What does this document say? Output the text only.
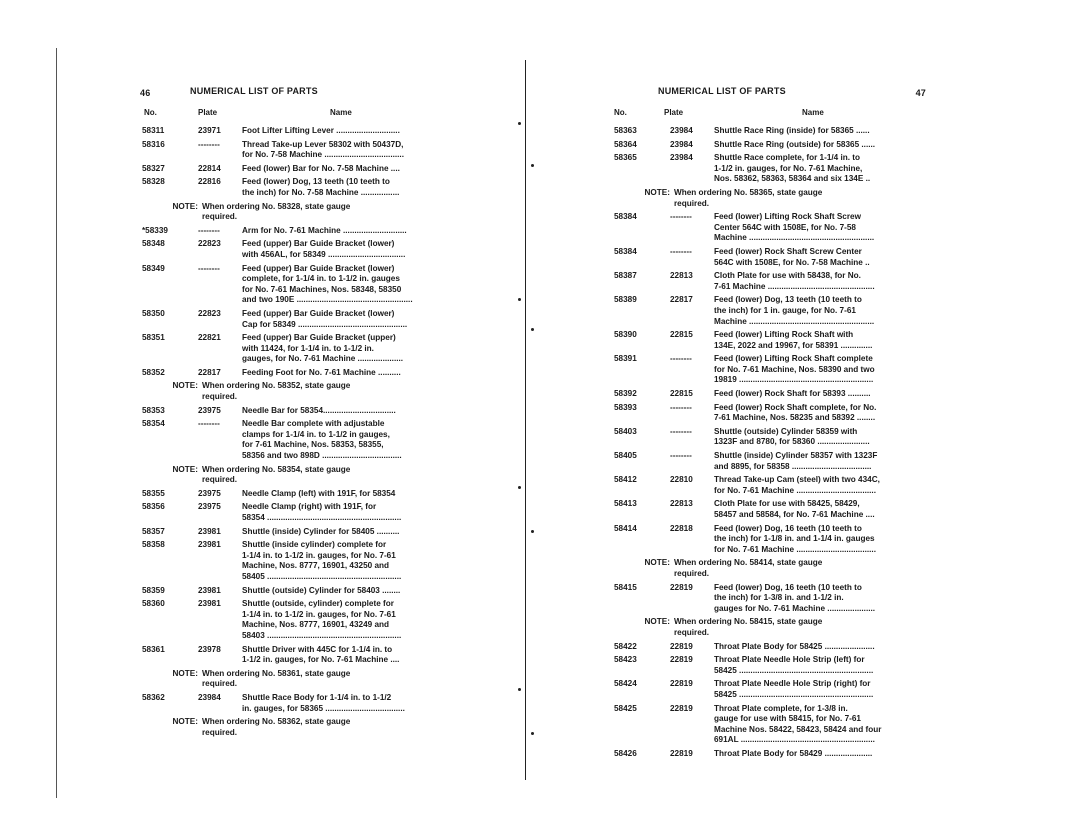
46	NUMERICAL LIST OF PARTS
No.	Plate	Name
58311	23971	Foot Lifter Lifting Lever ............................
58316	--------	Thread Take-up Lever 58302 with 50437D,
for No. 7-58 Machine ...................................
58327	22814	Feed (lower) Bar for No. 7-58 Machine ....
58328	22816	Feed (lower) Dog, 13 teeth (10 teeth to
the inch) for No. 7-58 Machine .................
NOTE: When ordering No. 58328, state gauge
required.
*58339	--------	Arm for No. 7-61 Machine ............................
58348	22823	Feed (upper) Bar Guide Bracket (lower)
with 456AL, for 58349 ..................................
58349	--------	Feed (upper) Bar Guide Bracket (lower)
complete, for 1-1/4 in. to 1-1/2 in. gauges
for No. 7-61 Machines, Nos. 58348, 58350
and two 190E ...................................................
58350	22823	Feed (upper) Bar Guide Bracket (lower)
Cap for 58349 ................................................
58351	22821	Feed (upper) Bar Guide Bracket (upper)
with 11424, for 1-1/4 in. to 1-1/2 in.
gauges, for No. 7-61 Machine ....................
58352	22817	Feeding Foot for No. 7-61 Machine ..........
NOTE: When ordering No. 58352, state gauge
required.
58353	23975	Needle Bar for 58354................................
58354	--------	Needle Bar complete with adjustable
clamps for 1-1/4 in. to 1-1/2 in gauges,
for 7-61 Machine, Nos. 58353, 58355,
58356 and two 898D ...................................
NOTE: When ordering No. 58354, state gauge
required.
58355	23975	Needle Clamp (left) with 191F, for 58354
58356	23975	Needle Clamp (right) with 191F, for
58354 ...........................................................
58357	23981	Shuttle (inside) Cylinder for 58405 ..........
58358	23981	Shuttle (inside cylinder) complete for
1-1/4 in. to 1-1/2 in. gauges, for No. 7-61
Machine, Nos. 8777, 16901, 43250 and
58405 ...........................................................
58359	23981	Shuttle (outside) Cylinder for 58403 ........
58360	23981	Shuttle (outside, cylinder) complete for
1-1/4 in. to 1-1/2 in. gauges, for No. 7-61
Machine, Nos. 8777, 16901, 43249 and
58403 ...........................................................
58361	23978	Shuttle Driver with 445C for 1-1/4 in. to
1-1/2 in. gauges, for No. 7-61 Machine ....
NOTE: When ordering No. 58361, state gauge
required.
58362	23984	Shuttle Race Body for 1-1/4 in. to 1-1/2
in. gauges, for 58365 ...................................
NOTE: When ordering No. 58362, state gauge
required.
NUMERICAL LIST OF PARTS	47
No.	Plate	Name
58363	23984	Shuttle Race Ring (inside) for 58365 ......
58364	23984	Shuttle Race Ring (outside) for 58365 ......
58365	23984	Shuttle Race complete, for 1-1/4 in. to
1-1/2 in. gauges, for No. 7-61 Machine,
Nos. 58362, 58363, 58364 and six 134E ..
NOTE: When ordering No. 58365, state gauge
required.
58384	--------	Feed (lower) Lifting Rock Shaft Screw
Center 564C with 1508E, for No. 7-58
Machine .......................................................
58384	--------	Feed (lower) Rock Shaft Screw Center
564C with 1508E, for No. 7-58 Machine ..
58387	22813	Cloth Plate for use with 58438, for No.
7-61 Machine ...............................................
58389	22817	Feed (lower) Dog, 13 teeth (10 teeth to
the inch) for 1 in. gauge, for No. 7-61
Machine .......................................................
58390	22815	Feed (lower) Lifting Rock Shaft with
134E, 2022 and 19967, for 58391 ..............
58391	--------	Feed (lower) Lifting Rock Shaft complete
for No. 7-61 Machine, Nos. 58390 and two
19819 ...........................................................
58392	22815	Feed (lower) Rock Shaft for 58393 ..........
58393	--------	Feed (lower) Rock Shaft complete, for No.
7-61 Machine, Nos. 58235 and 58392 ........
58403	--------	Shuttle (outside) Cylinder 58359 with
1323F and 8780, for 58360 .......................
58405	--------	Shuttle (inside) Cylinder 58357 with 1323F
and 8895, for 58358 ...................................
58412	22810	Thread Take-up Cam (steel) with two 434C,
for No. 7-61 Machine ...................................
58413	22813	Cloth Plate for use with 58425, 58429,
58457 and 58584, for No. 7-61 Machine ....
58414	22818	Feed (lower) Dog, 16 teeth (10 teeth to
the inch) for 1-1/8 in. and 1-1/4 in. gauges
for No. 7-61 Machine ...................................
NOTE: When ordering No. 58414, state gauge
required.
58415	22819	Feed (lower) Dog, 16 teeth (10 teeth to
the inch) for 1-3/8 in. and 1-1/2 in.
gauges for No. 7-61 Machine .....................
NOTE: When ordering No. 58415, state gauge
required.
58422	22819	Throat Plate Body for 58425 ......................
58423	22819	Throat Plate Needle Hole Strip (left) for
58425 ...........................................................
58424	22819	Throat Plate Needle Hole Strip (right) for
58425 ...........................................................
58425	22819	Throat Plate complete, for 1-3/8 in.
gauge for use with 58415, for No. 7-61
Machine Nos. 58422, 58423, 58424 and four
691AL ...........................................................
58426	22819	Throat Plate Body for 58429 .....................
